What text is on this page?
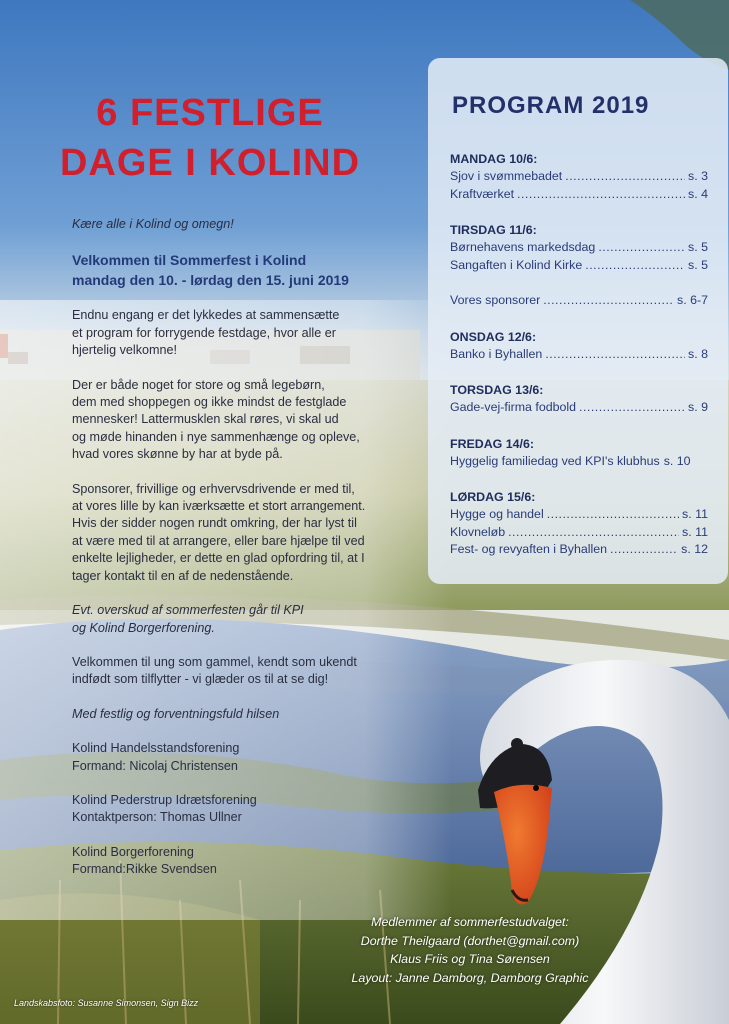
6 FESTLIGE
DAGE I KOLIND

Kære alle i Kolind og omegn!

Velkommen til Sommerfest i Kolind
mandag den 10. - lørdag den 15. juni 2019

Endnu engang er det lykkedes at sammensætte
et program for forrygende festdage, hvor alle er
hjertelig velkomne!

Der er både noget for store og små legebørn,
dem med shoppegen og ikke mindst de festglade
mennesker! Lattermusklen skal røres, vi skal ud
og møde hinanden i nye sammenhænge og opleve,
hvad vores skønne by har at byde på.

Sponsorer, frivillige og erhvervsdrivende er med til,
at vores lille by kan iværksætte et stort arrangement.
Hvis der sidder nogen rundt omkring, der har lyst til
at være med til at arrangere, eller bare hjælpe til ved
enkelte lejligheder, er dette en glad opfordring til, at I
tager kontakt til en af de nedenstående.

Evt. overskud af sommerfesten går til KPI
og Kolind Borgerforening.

Velkommen til ung som gammel, kendt som ukendt
indfødt som tilflytter - vi glæder os til at se dig!

Med festlig og forventningsfuld hilsen

Kolind Handelsstandsforening
Formand: Nicolaj Christensen

Kolind Pederstrup Idrætsforening
Kontaktperson: Thomas Ullner

Kolind Borgerforening
Formand:Rikke Svendsen

PROGRAM 2019
MANDAG 10/6:
Sjov i svømmebadet .....	s. 3
Kraftværket .....	s. 4
TIRSDAG 11/6:
Børnehavens markedsdag .....	s. 5
Sangaften i Kolind Kirke .....	s. 5
Vores sponsorer .....	s. 6-7
ONSDAG 12/6:
Banko i Byhallen .....	s. 8
TORSDAG 13/6:
Gade-vej-firma fodbold .....	s. 9
FREDAG 14/6:
Hyggelig familiedag ved KPI's klubhus s. 10
LØRDAG 15/6:
Hygge og handel .....	s. 11
Klovneløb .....	s. 11
Fest- og revyaften i Byhallen .....	s. 12
Medlemmer af sommerfestudvalget:
Dorthe Theilgaard (dorthet@gmail.com)
Klaus Friis og Tina Sørensen
Layout: Janne Damborg, Damborg Graphic
Landskabsfoto: Susanne Simonsen, Sign Bizz
